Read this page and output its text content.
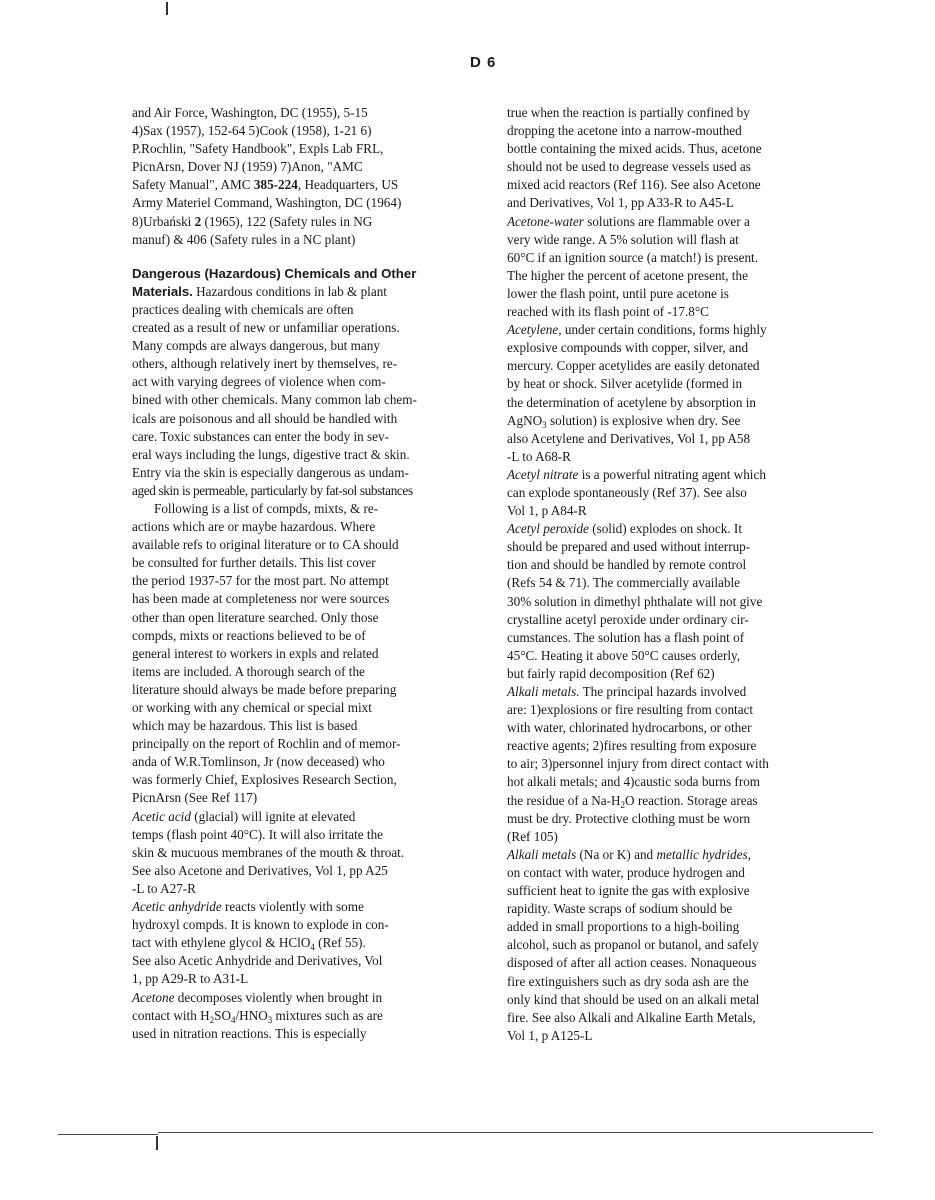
D 6
and Air Force, Washington, DC (1955), 5-15
4)Sax (1957), 152-64 5)Cook (1958), 1-21 6)
P.Rochlin, "Safety Handbook", Expls Lab FRL,
PicnArsn, Dover NJ (1959) 7)Anon, "AMC
Safety Manual", AMC 385-224, Headquarters, US
Army Materiel Command, Washington, DC (1964)
8)Urbański 2 (1965), 122 (Safety rules in NG
manuf) & 406 (Safety rules in a NC plant)
Dangerous (Hazardous) Chemicals and Other
Materials. Hazardous conditions in lab & plant
practices dealing with chemicals are often
created as a result of new or unfamiliar operations.
Many compds are always dangerous, but many
others, although relatively inert by themselves, re-
act with varying degrees of violence when com-
bined with other chemicals. Many common lab chem-
icals are poisonous and all should be handled with
care. Toxic substances can enter the body in sev-
eral ways including the lungs, digestive tract & skin.
Entry via the skin is especially dangerous as undam-
aged skin is permeable, particularly by fat-sol substances
Following is a list of compds, mixts, & re-
actions which are or maybe hazardous. Where
available refs to original literature or to CA should
be consulted for further details. This list cover
the period 1937-57 for the most part. No attempt
has been made at completeness nor were sources
other than open literature searched. Only those
compds, mixts or reactions believed to be of
general interest to workers in expls and related
items are included. A thorough search of the
literature should always be made before preparing
or working with any chemical or special mixt
which may be hazardous. This list is based
principally on the report of Rochlin and of memor-
anda of W.R.Tomlinson, Jr (now deceased) who
was formerly Chief, Explosives Research Section,
PicnArsn (See Ref 117)
Acetic acid (glacial) will ignite at elevated
temps (flash point 40°C). It will also irritate the
skin & mucuous membranes of the mouth & throat.
See also Acetone and Derivatives, Vol 1, pp A25
-L to A27-R
Acetic anhydride reacts violently with some
hydroxyl compds. It is known to explode in con-
tact with ethylene glycol & HClO$_4$ (Ref 55).
See also Acetic Anhydride and Derivatives, Vol
1, pp A29-R to A31-L
Acetone decomposes violently when brought in
contact with $H_2SO_4/HNO_3$ mixtures such as are
used in nitration reactions. This is especially
true when the reaction is partially confined by
dropping the acetone into a narrow-mouthed
bottle containing the mixed acids. Thus, acetone
should not be used to degrease vessels used as
mixed acid reactors (Ref 116). See also Acetone
and Derivatives, Vol 1, pp A33-R to A45-L
Acetone-water solutions are flammable over a
very wide range. A 5% solution will flash at
60°C if an ignition source (a match!) is present.
The higher the percent of acetone present, the
lower the flash point, until pure acetone is
reached with its flash point of -17.8°C
Acetylene, under certain conditions, forms highly
explosive compounds with copper, silver, and
mercury. Copper acetylides are easily detonated
by heat or shock. Silver acetylide (formed in
the determination of acetylene by absorption in
AgNO$_3$ solution) is explosive when dry. See
also Acetylene and Derivatives, Vol 1, pp A58
-L to A68-R
Acetyl nitrate is a powerful nitrating agent which
can explode spontaneously (Ref 37). See also
Vol 1, p A84-R
Acetyl peroxide (solid) explodes on shock. It
should be prepared and used without interrup-
tion and should be handled by remote control
(Refs 54 & 71). The commercially available
30% solution in dimethyl phthalate will not give
crystalline acetyl peroxide under ordinary cir-
cumstances. The solution has a flash point of
45°C. Heating it above 50°C causes orderly,
but fairly rapid decomposition (Ref 62)
Alkali metals. The principal hazards involved
are: 1)explosions or fire resulting from contact
with water, chlorinated hydrocarbons, or other
reactive agents; 2)fires resulting from exposure
to air; 3)personnel injury from direct contact with
hot alkali metals; and 4)caustic soda burns from
the residue of a $Na-H_2O$ reaction. Storage areas
must be dry. Protective clothing must be worn
(Ref 105)
Alkali metals (Na or K) and metallic hydrides,
on contact with water, produce hydrogen and
sufficient heat to ignite the gas with explosive
rapidity. Waste scraps of sodium should be
added in small proportions to a high-boiling
alcohol, such as propanol or butanol, and safely
disposed of after all action ceases. Nonaqueous
fire extinguishers such as dry soda ash are the
only kind that should be used on an alkali metal
fire. See also Alkali and Alkaline Earth Metals,
Vol 1, p A125-L
